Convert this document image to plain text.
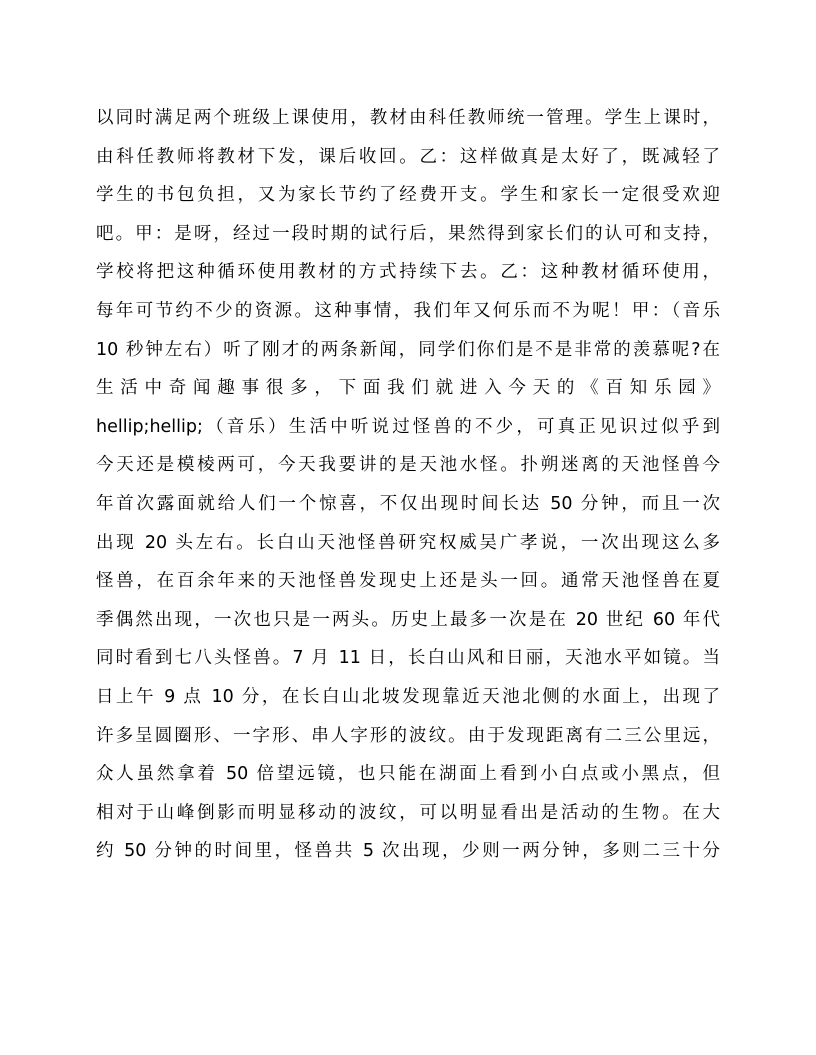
以同时满足两个班级上课使用，教材由科任教师统一管理。学生上课时，
由科任教师将教材下发，课后收回。乙：这样做真是太好了，既减轻了
学生的书包负担，又为家长节约了经费开支。学生和家长一定很受欢迎
吧。甲：是呀，经过一段时期的试行后，果然得到家长们的认可和支持，
学校将把这种循环使用教材的方式持续下去。乙：这种教材循环使用，
每年可节约不少的资源。这种事情，我们年又何乐而不为呢！甲：（音乐
10 秒钟左右）听了刚才的两条新闻，同学们你们是不是非常的羡慕呢?在
生 活 中 奇 闻 趣 事 很 多 ， 下 面 我 们 就 进 入 今 天 的 《 百 知 乐 园 》
hellip;hellip;（音乐）生活中听说过怪兽的不少，可真正见识过似乎到
今天还是模棱两可，今天我要讲的是天池水怪。扑朔迷离的天池怪兽今
年首次露面就给人们一个惊喜，不仅出现时间长达 50 分钟，而且一次
出现 20 头左右。长白山天池怪兽研究权威吴广孝说，一次出现这么多
怪兽，在百余年来的天池怪兽发现史上还是头一回。通常天池怪兽在夏
季偶然出现，一次也只是一两头。历史上最多一次是在 20 世纪 60 年代
同时看到七八头怪兽。7 月 11 日，长白山风和日丽，天池水平如镜。当
日上午 9 点 10 分，在长白山北坡发现靠近天池北侧的水面上，出现了
许多呈圆圈形、一字形、串人字形的波纹。由于发现距离有二三公里远，
众人虽然拿着 50 倍望远镜，也只能在湖面上看到小白点或小黑点，但
相对于山峰倒影而明显移动的波纹，可以明显看出是活动的生物。在大
约 50 分钟的时间里，怪兽共 5 次出现，少则一两分钟，多则二三十分
